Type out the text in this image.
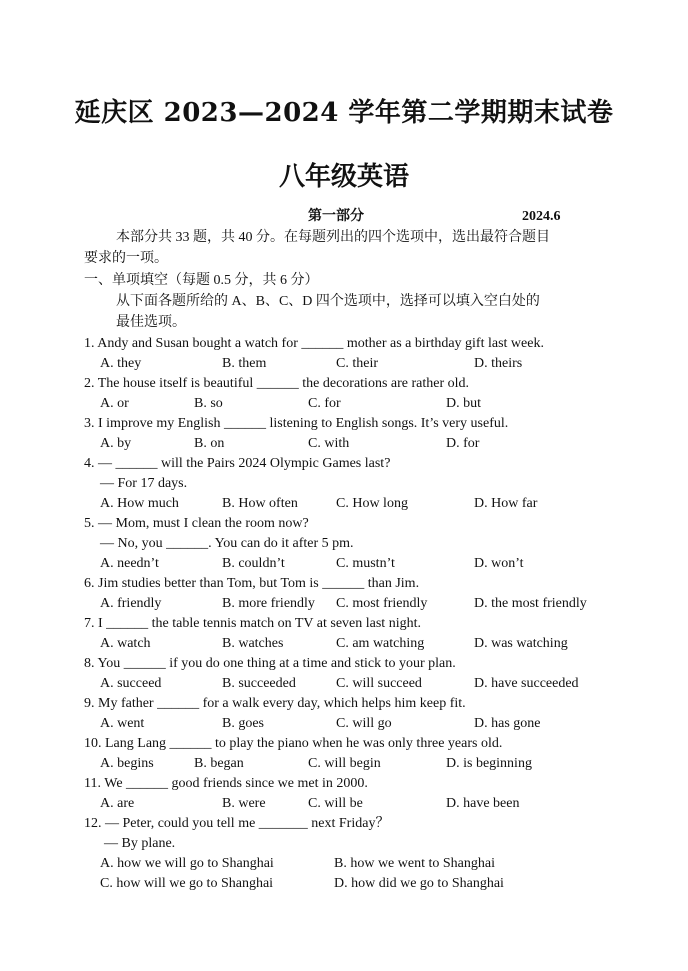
延庆区 2023—2024 学年第二学期期末试卷
八年级英语
第一部分	2024.6
本部分共 33 题，共 40 分。在每题列出的四个选项中，选出最符合题目
要求的一项。
一、单项填空（每题 0.5 分，共 6 分）
从下面各题所给的 A、B、C、D 四个选项中，选择可以填入空白处的
最佳选项。
1. Andy and Susan bought a watch for ______ mother as a birthday gift last week.
A. they	B. them	C. their	D. theirs
2. The house itself is beautiful ______ the decorations are rather old.
A. or	B. so	C. for	D. but
3. I improve my English ______ listening to English songs. It’s very useful.
A. by	B. on	C. with	D. for
4. — ______ will the Pairs 2024 Olympic Games last?
— For 17 days.
A. How much	B. How often	C. How long	D. How far
5. — Mom, must I clean the room now?
— No, you ______. You can do it after 5 pm.
A. needn’t	B. couldn’t	C. mustn’t	D. won’t
6. Jim studies better than Tom, but Tom is ______ than Jim.
A. friendly	B. more friendly C. most friendly	D. the most friendly
7. I ______ the table tennis match on TV at seven last night.
A. watch	B. watches	C. am watching	D. was watching
8. You ______ if you do one thing at a time and stick to your plan.
A. succeed	B. succeeded	C. will succeed	D. have succeeded
9. My father ______ for a walk every day, which helps him keep fit.
A. went	B. goes	C. will go	D. has gone
10. Lang Lang ______ to play the piano when he was only three years old.
A. begins	B. began	C. will begin	D. is beginning
11. We ______ good friends since we met in 2000.
A. are	B. were	C. will be	D. have been
12. — Peter, could you tell me _______ next Friday？
— By plane.
A. how we will go to Shanghai	B. how we went to Shanghai
C. how will we go to Shanghai	D. how did we go to Shanghai
